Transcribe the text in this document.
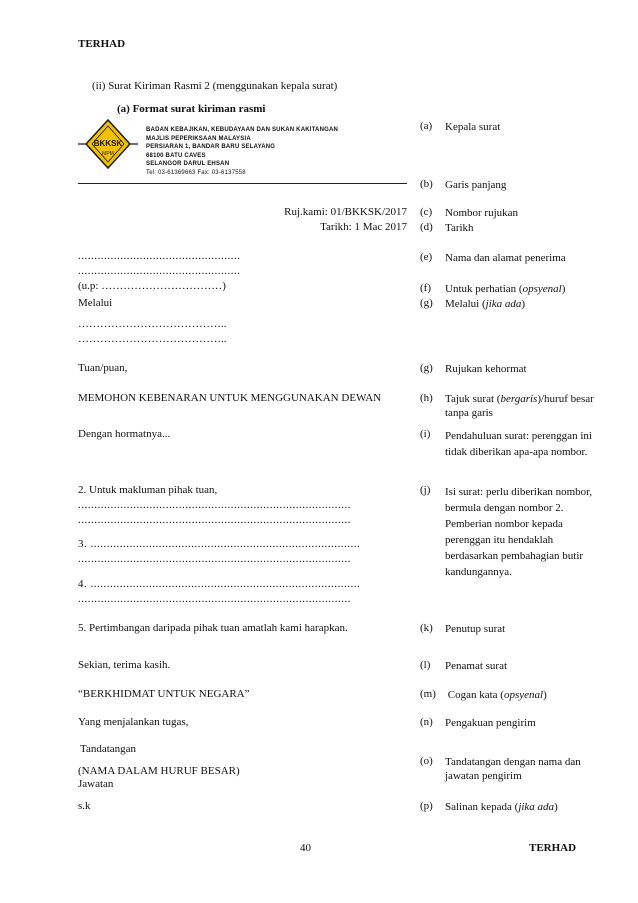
TERHAD
(ii) Surat Kiriman Rasmi 2 (menggunakan kepala surat)
(a) Format surat kiriman rasmi
BKKSK
MPM
BADAN KEBAJIKAN, KEBUDAYAAN DAN SUKAN KAKITANGAN
MAJLIS PEPERIKSAAN MALAYSIA
PERSIARAN 1, BANDAR BARU SELAYANG
68100 BATU CAVES
SELANGOR DARUL EHSAN
Tel: 03-61369663 Fax: 03-6137558
Ruj.kami: 01/BKKSK/2017
Tarikh: 1 Mac 2017
..................................................
..................................................
(u.p: ……………………………)
Melalui
…………………………………..
…………………………………..
Tuan/puan,
MEMOHON KEBENARAN UNTUK MENGGUNAKAN DEWAN
Dengan hormatnya...
2. Untuk makluman pihak tuan,
....................................................................................
....................................................................................
3. ...................................................................................
....................................................................................
4. ...................................................................................
....................................................................................
5. Pertimbangan daripada pihak tuan amatlah kami harapkan.
Sekian, terima kasih.
“BERKHIDMAT UNTUK NEGARA”
Yang menjalankan tugas,
Tandatangan
(NAMA DALAM HURUF BESAR)
Jawatan
s.k
(a)	Kepala surat
(b)	Garis panjang
(c)	Nombor rujukan
(d)	Tarikh
(e)	Nama dan alamat penerima
(f)	Untuk perhatian (opsyenal)
(g)	Melalui (jika ada)
(g)	Rujukan kehormat
(h)	Tajuk surat (bergaris)/huruf besar tanpa garis
(i)	Pendahuluan surat: perenggan ini tidak diberikan apa-apa nombor.
(j)	Isi surat: perlu diberikan nombor, bermula dengan nombor 2. Pemberian nombor kepada perenggan itu hendaklah berdasarkan pembahagian butir kandungannya.
(k)	Penutup surat
(l)	Penamat surat
(m) Cogan kata (opsyenal)
(n)	Pengakuan pengirim
(o)	Tandatangan dengan nama dan jawatan pengirim
(p)	Salinan kepada (jika ada)
40	TERHAD
